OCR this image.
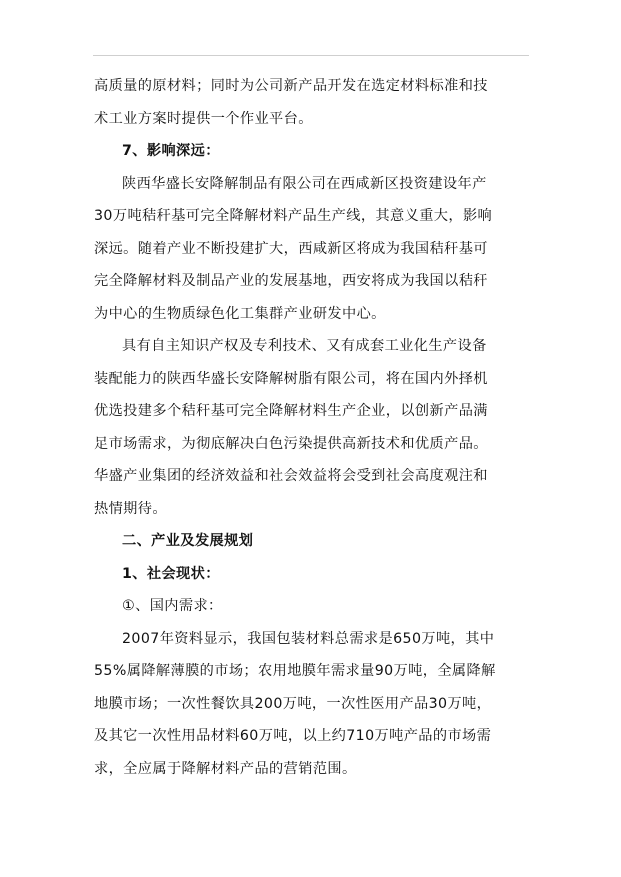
高质量的原材料；同时为公司新产品开发在选定材料标准和技

术工业方案时提供一个作业平台。

7、影响深远：

陕西华盛长安降解制品有限公司在西咸新区投资建设年产

30万吨秸秆基可完全降解材料产品生产线，其意义重大，影响

深远。随着产业不断投建扩大，西咸新区将成为我国秸秆基可

完全降解材料及制品产业的发展基地，西安将成为我国以秸秆

为中心的生物质绿色化工集群产业研发中心。

具有自主知识产权及专利技术、又有成套工业化生产设备

装配能力的陕西华盛长安降解树脂有限公司，将在国内外择机

优选投建多个秸秆基可完全降解材料生产企业，以创新产品满

足市场需求，为彻底解决白色污染提供高新技术和优质产品。

华盛产业集团的经济效益和社会效益将会受到社会高度观注和

热情期待。

二、产业及发展规划

1、社会现状：

①、国内需求：

2007年资料显示，我国包装材料总需求是650万吨，其中

55%属降解薄膜的市场；农用地膜年需求量90万吨，全属降解

地膜市场；一次性餐饮具200万吨，一次性医用产品30万吨，

及其它一次性用品材料60万吨，以上约710万吨产品的市场需

求，全应属于降解材料产品的营销范围。
